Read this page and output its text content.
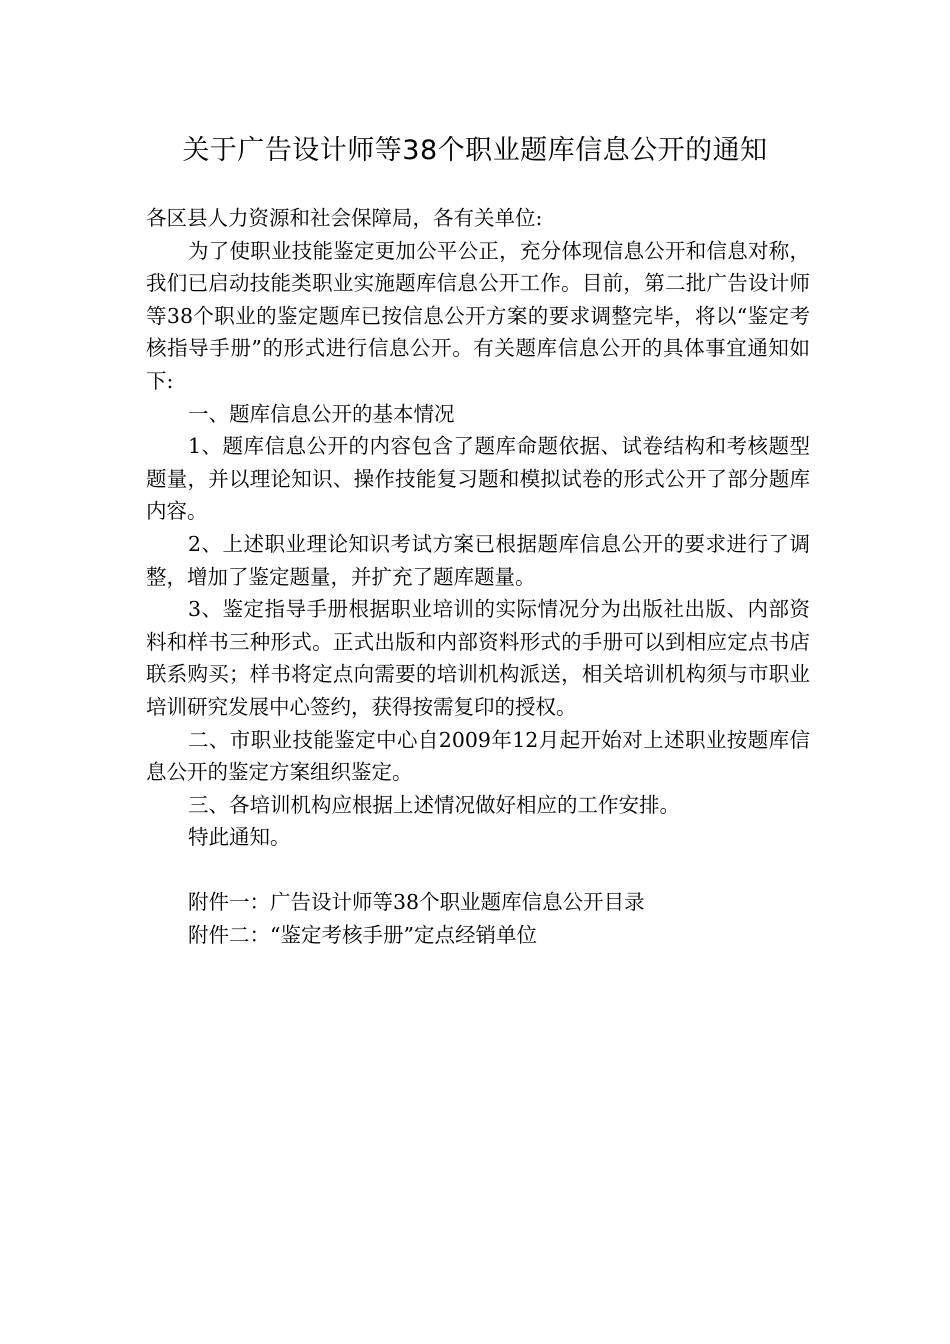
关于广告设计师等38个职业题库信息公开的通知

各区县人力资源和社会保障局，各有关单位:

为了使职业技能鉴定更加公平公正，充分体现信息公开和信息对称，我们已启动技能类职业实施题库信息公开工作。目前，第二批广告设计师等38个职业的鉴定题库已按信息公开方案的要求调整完毕，将以“鉴定考核指导手册”的形式进行信息公开。有关题库信息公开的具体事宜通知如下:

一、题库信息公开的基本情况

1、题库信息公开的内容包含了题库命题依据、试卷结构和考核题型题量，并以理论知识、操作技能复习题和模拟试卷的形式公开了部分题库内容。

2、上述职业理论知识考试方案已根据题库信息公开的要求进行了调整，增加了鉴定题量，并扩充了题库题量。

3、鉴定指导手册根据职业培训的实际情况分为出版社出版、内部资料和样书三种形式。正式出版和内部资料形式的手册可以到相应定点书店联系购买；样书将定点向需要的培训机构派送，相关培训机构须与市职业培训研究发展中心签约，获得按需复印的授权。

二、市职业技能鉴定中心自2009年12月起开始对上述职业按题库信息公开的鉴定方案组织鉴定。

三、各培训机构应根据上述情况做好相应的工作安排。

特此通知。

附件一：广告设计师等38个职业题库信息公开目录

附件二：“鉴定考核手册”定点经销单位
